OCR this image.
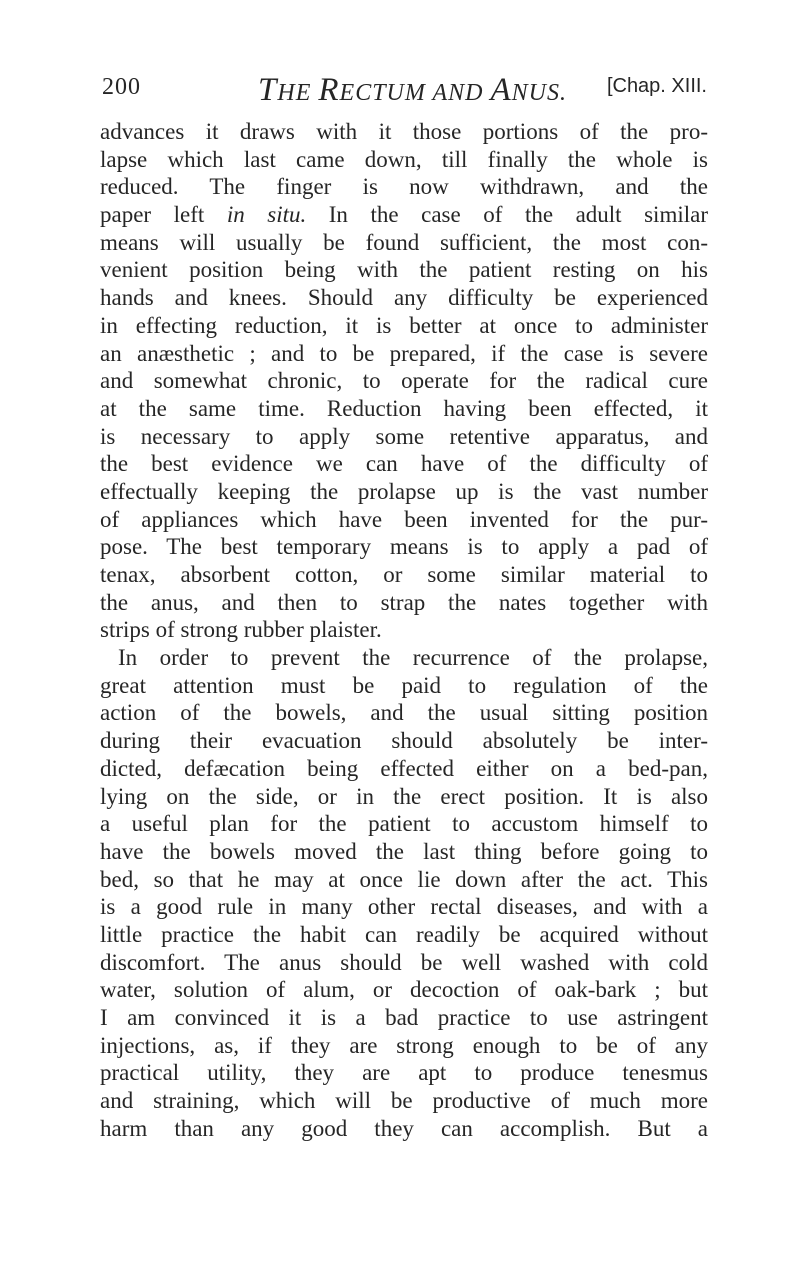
200	THE RECTUM AND ANUS. [Chap. XIII.
advances it draws with it those portions of the pro-
lapse which last came down, till finally the whole is
reduced. The finger is now withdrawn, and the
paper left in situ. In the case of the adult similar
means will usually be found sufficient, the most con-
venient position being with the patient resting on his
hands and knees. Should any difficulty be experienced
in effecting reduction, it is better at once to administer
an anæsthetic ; and to be prepared, if the case is severe
and somewhat chronic, to operate for the radical cure
at the same time. Reduction having been effected, it
is necessary to apply some retentive apparatus, and
the best evidence we can have of the difficulty of
effectually keeping the prolapse up is the vast number
of appliances which have been invented for the pur-
pose. The best temporary means is to apply a pad of
tenax, absorbent cotton, or some similar material to
the anus, and then to strap the nates together with
strips of strong rubber plaister.
In order to prevent the recurrence of the prolapse,
great attention must be paid to regulation of the
action of the bowels, and the usual sitting position
during their evacuation should absolutely be inter-
dicted, defæcation being effected either on a bed-pan,
lying on the side, or in the erect position. It is also
a useful plan for the patient to accustom himself to
have the bowels moved the last thing before going to
bed, so that he may at once lie down after the act. This
is a good rule in many other rectal diseases, and with a
little practice the habit can readily be acquired without
discomfort. The anus should be well washed with cold
water, solution of alum, or decoction of oak-bark ; but
I am convinced it is a bad practice to use astringent
injections, as, if they are strong enough to be of any
practical utility, they are apt to produce tenesmus
and straining, which will be productive of much more
harm than any good they can accomplish. But a
